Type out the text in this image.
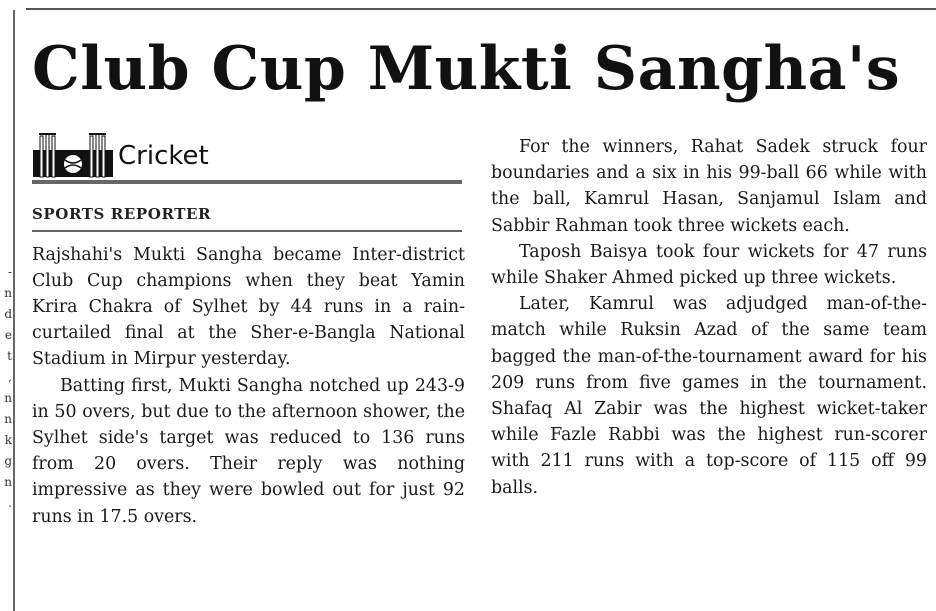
- n d e t , n n k g n .
Club Cup Mukti Sangha's
Cricket
SPORTS REPORTER

Rajshahi's Mukti Sangha became Inter-district Club Cup champions when they beat Yamin Krira Chakra of Sylhet by 44 runs in a rain-curtailed final at the Sher-e-Bangla National Stadium in Mirpur yesterday.

Batting first, Mukti Sangha notched up 243-9 in 50 overs, but due to the afternoon shower, the Sylhet side's target was reduced to 136 runs from 20 overs. Their reply was nothing impressive as they were bowled out for just 92 runs in 17.5 overs.

For the winners, Rahat Sadek struck four boundaries and a six in his 99-ball 66 while with the ball, Kamrul Hasan, Sanjamul Islam and Sabbir Rahman took three wickets each.

Taposh Baisya took four wickets for 47 runs while Shaker Ahmed picked up three wickets.

Later, Kamrul was adjudged man-of-the-match while Ruksin Azad of the same team bagged the man-of-the-tournament award for his 209 runs from five games in the tournament. Shafaq Al Zabir was the highest wicket-taker while Fazle Rabbi was the highest run-scorer with 211 runs with a top-score of 115 off 99 balls.
